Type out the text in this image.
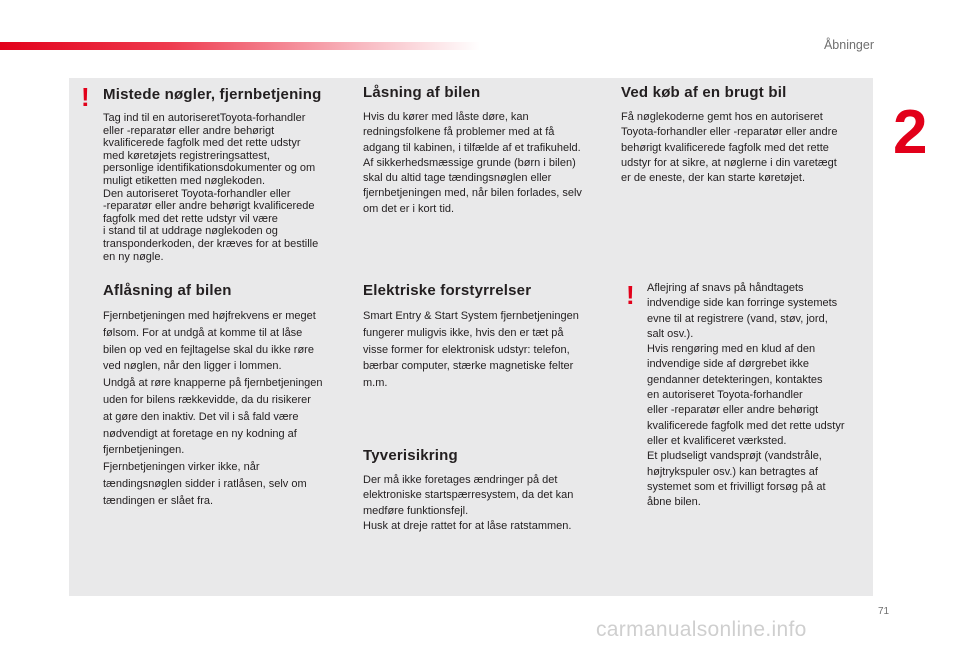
Åbninger
2
!
!
Mistede nøgler, fjernbetjening

Tag ind til en autoriseretToyota-forhandler
eller -reparatør eller andre behørigt
kvalificerede fagfolk med det rette udstyr
med køretøjets registreringsattest,
personlige identifikationsdokumenter og om
muligt etiketten med nøglekoden.
Den autoriseret Toyota-forhandler eller
-reparatør eller andre behørigt kvalificerede
fagfolk med det rette udstyr vil være
i stand til at uddrage nøglekoden og
transponderkoden, der kræves for at bestille
en ny nøgle.

Aflåsning af bilen

Fjernbetjeningen med højfrekvens er meget
følsom. For at undgå at komme til at låse
bilen op ved en fejltagelse skal du ikke røre
ved nøglen, når den ligger i lommen.
Undgå at røre knapperne på fjernbetjeningen
uden for bilens rækkevidde, da du risikerer
at gøre den inaktiv. Det vil i så fald være
nødvendigt at foretage en ny kodning af
fjernbetjeningen.
Fjernbetjeningen virker ikke, når
tændingsnøglen sidder i ratlåsen, selv om
tændingen er slået fra.

Låsning af bilen

Hvis du kører med låste døre, kan
redningsfolkene få problemer med at få
adgang til kabinen, i tilfælde af et trafikuheld.
Af sikkerhedsmæssige grunde (børn i bilen)
skal du altid tage tændingsnøglen eller
fjernbetjeningen med, når bilen forlades, selv
om det er i kort tid.

Elektriske forstyrrelser

Smart Entry & Start System fjernbetjeningen
fungerer muligvis ikke, hvis den er tæt på
visse former for elektronisk udstyr: telefon,
bærbar computer, stærke magnetiske felter
m.m.

Tyverisikring

Der må ikke foretages ændringer på det
elektroniske startspærresystem, da det kan
medføre funktionsfejl.
Husk at dreje rattet for at låse ratstammen.

Ved køb af en brugt bil

Få nøglekoderne gemt hos en autoriseret
Toyota-forhandler eller -reparatør eller andre
behørigt kvalificerede fagfolk med det rette
udstyr for at sikre, at nøglerne i din varetægt
er de eneste, der kan starte køretøjet.

Aflejring af snavs på håndtagets
indvendige side kan forringe systemets
evne til at registrere (vand, støv, jord,
salt osv.).
Hvis rengøring med en klud af den
indvendige side af dørgrebet ikke
gendanner detekteringen, kontaktes
en autoriseret Toyota-forhandler
eller -reparatør eller andre behørigt
kvalificerede fagfolk med det rette udstyr
eller et kvalificeret værksted.
Et pludseligt vandsprøjt (vandstråle,
højtrykspuler osv.) kan betragtes af
systemet som et frivilligt forsøg på at
åbne bilen.

71
carmanualsonline.info
